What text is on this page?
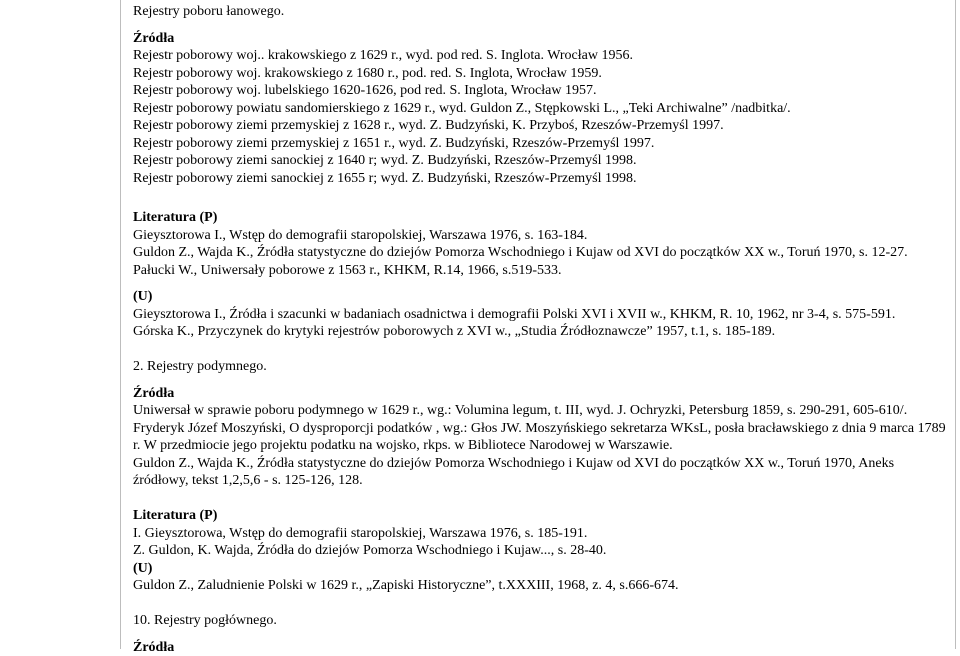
Rejestry poboru łanowego.
Źródła
Rejestr poborowy woj.. krakowskiego z 1629 r., wyd. pod red. S. Inglota. Wrocław 1956.
Rejestr poborowy woj. krakowskiego z 1680 r., pod. red. S. Inglota, Wrocław 1959.
Rejestr poborowy woj. lubelskiego 1620-1626, pod red. S. Inglota, Wrocław 1957.
Rejestr poborowy powiatu sandomierskiego z 1629 r., wyd. Guldon Z., Stępkowski L., „Teki Archiwalne” /nadbitka/.
Rejestr poborowy ziemi przemyskiej z 1628 r., wyd. Z. Budzyński, K. Przyboś, Rzeszów-Przemyśl 1997.
Rejestr poborowy ziemi przemyskiej z 1651 r., wyd. Z. Budzyński, Rzeszów-Przemyśl 1997.
Rejestr poborowy ziemi sanockiej z 1640 r; wyd. Z. Budzyński, Rzeszów-Przemyśl 1998.
Rejestr poborowy ziemi sanockiej z 1655 r; wyd. Z. Budzyński, Rzeszów-Przemyśl 1998.
Literatura (P)
Gieysztorowa I., Wstęp do demografii staropolskiej, Warszawa 1976, s. 163-184.
Guldon Z., Wajda K., Źródła statystyczne do dziejów Pomorza Wschodniego i Kujaw od XVI do początków XX w., Toruń 1970, s. 12-27.
Pałucki W., Uniwersały poborowe z 1563 r., KHKM, R.14, 1966, s.519-533.
(U)
Gieysztorowa I., Źródła i szacunki w badaniach osadnictwa i demografii Polski XVI i XVII w., KHKM, R. 10, 1962, nr 3-4, s. 575-591.
Górska K., Przyczynek do krytyki rejestrów poborowych z XVI w., „Studia Źródłoznawcze” 1957, t.1, s. 185-189.
2. Rejestry podymnego.
Źródła
Uniwersał w sprawie poboru podymnego w 1629 r., wg.: Volumina legum, t. III, wyd. J. Ochryzki, Petersburg 1859, s. 290-291, 605-610/.
Fryderyk Józef Moszyński, O dysproporcji podatków , wg.: Głos JW. Moszyńskiego sekretarza WKsL, posła bracławskiego z dnia 9 marca 1789 r. W przedmiocie jego projektu podatku na wojsko, rkps. w Bibliotece Narodowej w Warszawie.
Guldon Z., Wajda K., Źródła statystyczne do dziejów Pomorza Wschodniego i Kujaw od XVI do początków XX w., Toruń 1970, Aneks źródłowy, tekst 1,2,5,6 - s. 125-126, 128.
Literatura (P)
I. Gieysztorowa, Wstęp do demografii staropolskiej, Warszawa 1976, s. 185-191.
Z. Guldon, K. Wajda, Źródła do dziejów Pomorza Wschodniego i Kujaw..., s. 28-40.
(U)
Guldon Z., Zaludnienie Polski w 1629 r., „Zapiski Historyczne”, t.XXXIII, 1968, z. 4, s.666-674.
10. Rejestry pogłównego.
Źródła
